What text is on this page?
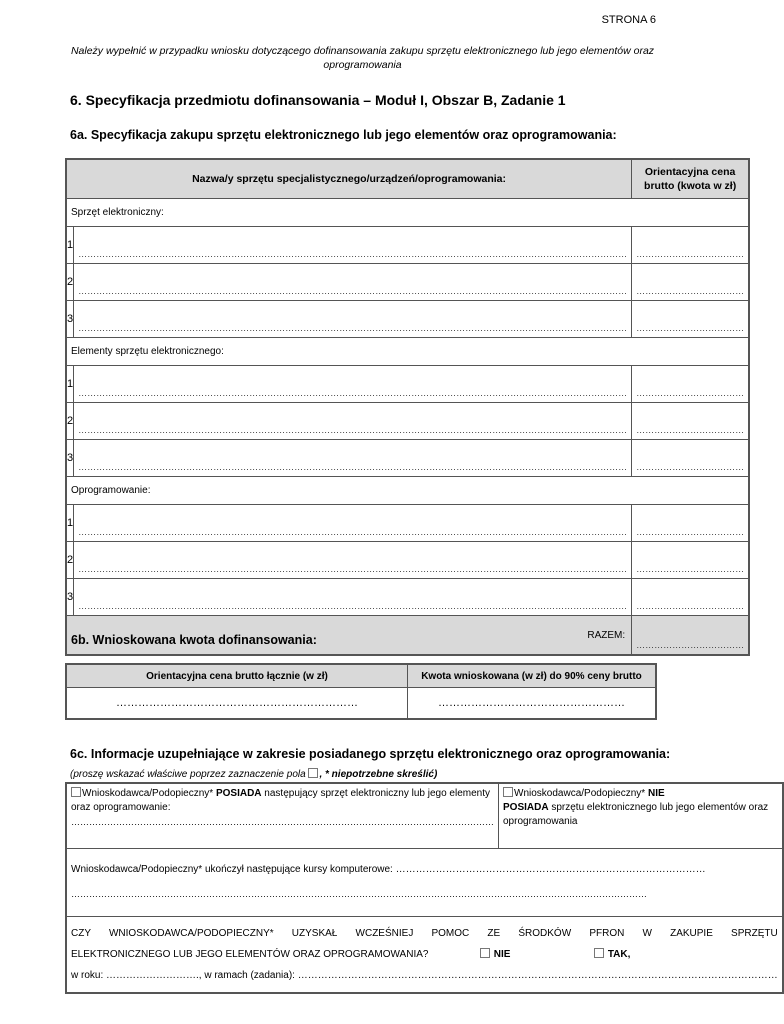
STRONA 6
Należy wypełnić w przypadku wniosku dotyczącego dofinansowania zakupu sprzętu elektronicznego lub jego elementów oraz oprogramowania
6. Specyfikacja przedmiotu dofinansowania – Moduł I, Obszar B, Zadanie 1
6a. Specyfikacja zakupu sprzętu elektronicznego lub jego elementów oraz oprogramowania:
Nazwa/y sprzętu specjalistycznego/urządzeń/oprogramowania:		Orientacyjna cena
brutto (kwota w zł)
Sprzęt elektroniczny:		
1	…………………………………………………………………………………………………………………………………………………………………	………………………………

2	…………………………………………………………………………………………………………………………………………………………………	………………………………

3	…………………………………………………………………………………………………………………………………………………………………	………………………………

Elementy sprzętu elektronicznego:		
1	…………………………………………………………………………………………………………………………………………………………………	………………………………

2	…………………………………………………………………………………………………………………………………………………………………	………………………………

3	…………………………………………………………………………………………………………………………………………………………………	………………………………

Oprogramowanie:		
1	…………………………………………………………………………………………………………………………………………………………………	………………………………

2	…………………………………………………………………………………………………………………………………………………………………	………………………………

3	…………………………………………………………………………………………………………………………………………………………………	………………………………

RAZEM:		………………………………
6b. Wnioskowana kwota dofinansowania:
Orientacyjna cena brutto łącznie (w zł)	Kwota wnioskowana (w zł) do 90% ceny brutto
…………………………………………………………	……………………………………………
6c. Informacje uzupełniające w zakresie posiadanego sprzętu elektronicznego oraz oprogramowania:
(proszę wskazać właściwe poprzez zaznaczenie pola , * niepotrzebne skreślić)
Wnioskodawca/Podopieczny* POSIADA następujący sprzęt elektroniczny lub jego elementy oraz oprogramowanie:

……………………………………………………………………………………………………………………………
	Wnioskodawca/Podopieczny* NIE
POSIADA sprzętu elektronicznego lub jego elementów oraz oprogramowania

Wnioskodawca/Podopieczny* ukończył następujące kursy komputerowe: …………………………………………………………………………………
…………………………………………………………………………………………………………………………………………………………………………

CZY WNIOSKODAWCA/PODOPIECZNY* UZYSKAŁ WCZEŚNIEJ POMOC ZE ŚRODKÓW PFRON W ZAKUPIE SPRZĘTU
ELEKTRONICZNEGO LUB JEGO ELEMENTÓW ORAZ OPROGRAMOWANIA?	NIE	TAK,
w roku: ………………………., w ramach (zadania): ………………………………………………………………………………………………………………………………
